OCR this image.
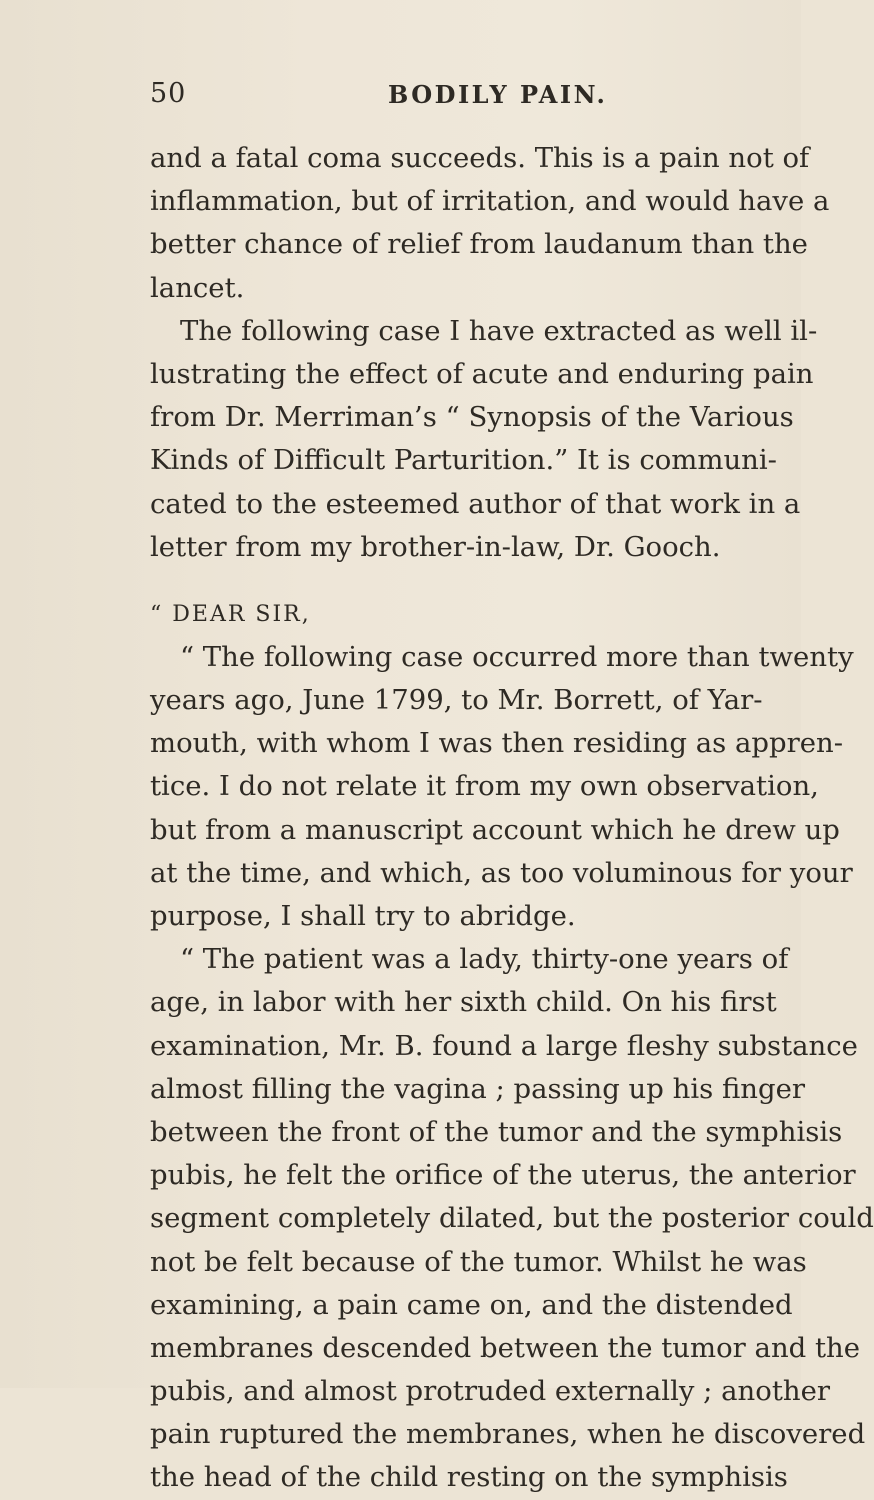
50	BODILY PAIN.
and a fatal coma succeeds. This is a pain not of
inflammation, but of irritation, and would have a
better chance of relief from laudanum than the
lancet.
The following case I have extracted as well il-
lustrating the effect of acute and enduring pain
from Dr. Merriman’s “ Synopsis of the Various
Kinds of Difficult Parturition.” It is communi-
cated to the esteemed author of that work in a
letter from my brother-in-law, Dr. Gooch.
“ DEAR SIR,
“ The following case occurred more than twenty
years ago, June 1799, to Mr. Borrett, of Yar-
mouth, with whom I was then residing as appren-
tice. I do not relate it from my own observation,
but from a manuscript account which he drew up
at the time, and which, as too voluminous for your
purpose, I shall try to abridge.
“ The patient was a lady, thirty-one years of
age, in labor with her sixth child. On his first
examination, Mr. B. found a large fleshy substance
almost filling the vagina ; passing up his finger
between the front of the tumor and the symphisis
pubis, he felt the orifice of the uterus, the anterior
segment completely dilated, but the posterior could
not be felt because of the tumor. Whilst he was
examining, a pain came on, and the distended
membranes descended between the tumor and the
pubis, and almost protruded externally ; another
pain ruptured the membranes, when he discovered
the head of the child resting on the symphisis
